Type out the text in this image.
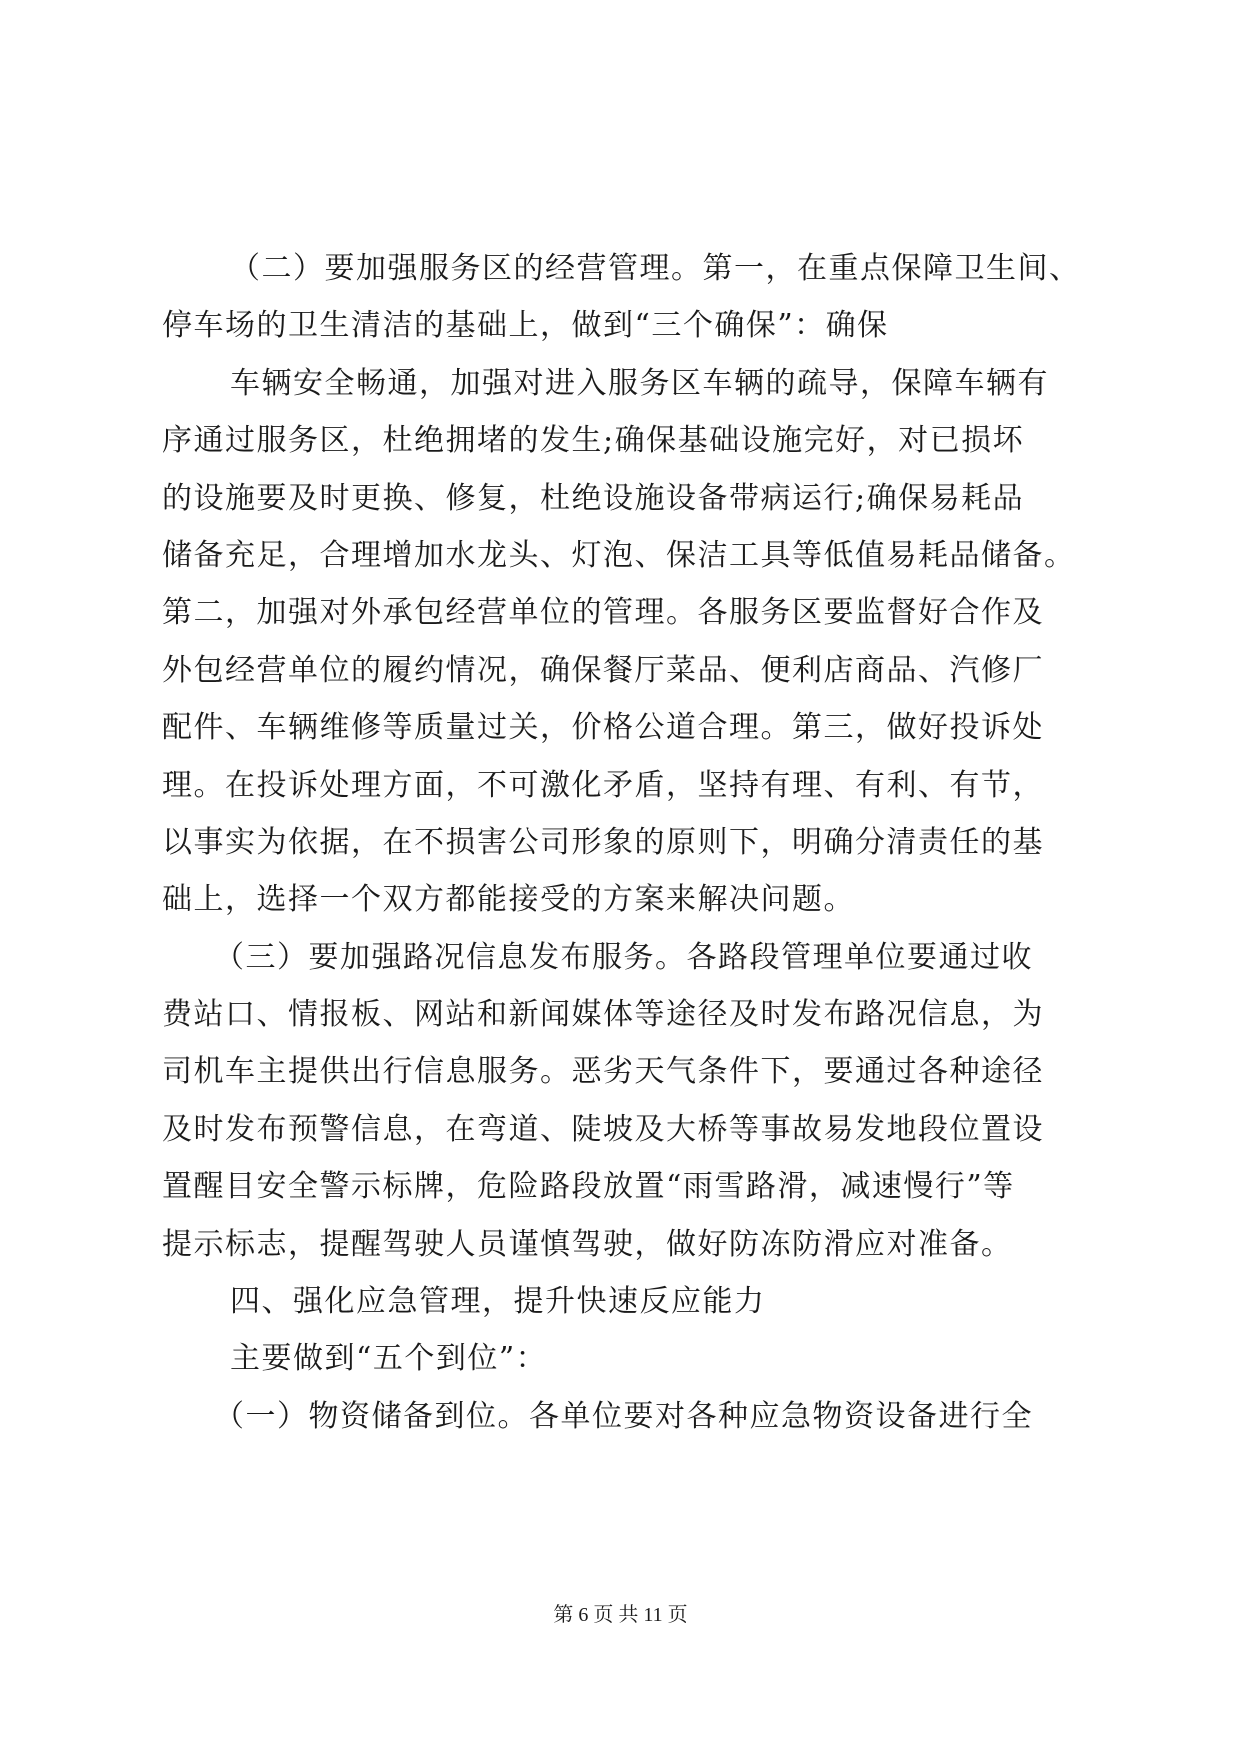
（二）要加强服务区的经营管理。第一，在重点保障卫生间、
停车场的卫生清洁的基础上，做到“三个确保”：确保
车辆安全畅通，加强对进入服务区车辆的疏导，保障车辆有
序通过服务区，杜绝拥堵的发生;确保基础设施完好，对已损坏
的设施要及时更换、修复，杜绝设施设备带病运行;确保易耗品
储备充足，合理增加水龙头、灯泡、保洁工具等低值易耗品储备。
第二，加强对外承包经营单位的管理。各服务区要监督好合作及
外包经营单位的履约情况，确保餐厅菜品、便利店商品、汽修厂
配件、车辆维修等质量过关，价格公道合理。第三，做好投诉处
理。在投诉处理方面，不可激化矛盾，坚持有理、有利、有节，
以事实为依据，在不损害公司形象的原则下，明确分清责任的基
础上，选择一个双方都能接受的方案来解决问题。
（三）要加强路况信息发布服务。各路段管理单位要通过收
费站口、情报板、网站和新闻媒体等途径及时发布路况信息，为
司机车主提供出行信息服务。恶劣天气条件下，要通过各种途径
及时发布预警信息，在弯道、陡坡及大桥等事故易发地段位置设
置醒目安全警示标牌，危险路段放置“雨雪路滑，减速慢行”等
提示标志，提醒驾驶人员谨慎驾驶，做好防冻防滑应对准备。
四、强化应急管理，提升快速反应能力
主要做到“五个到位”：
（一）物资储备到位。各单位要对各种应急物资设备进行全
第 6 页 共 11 页
